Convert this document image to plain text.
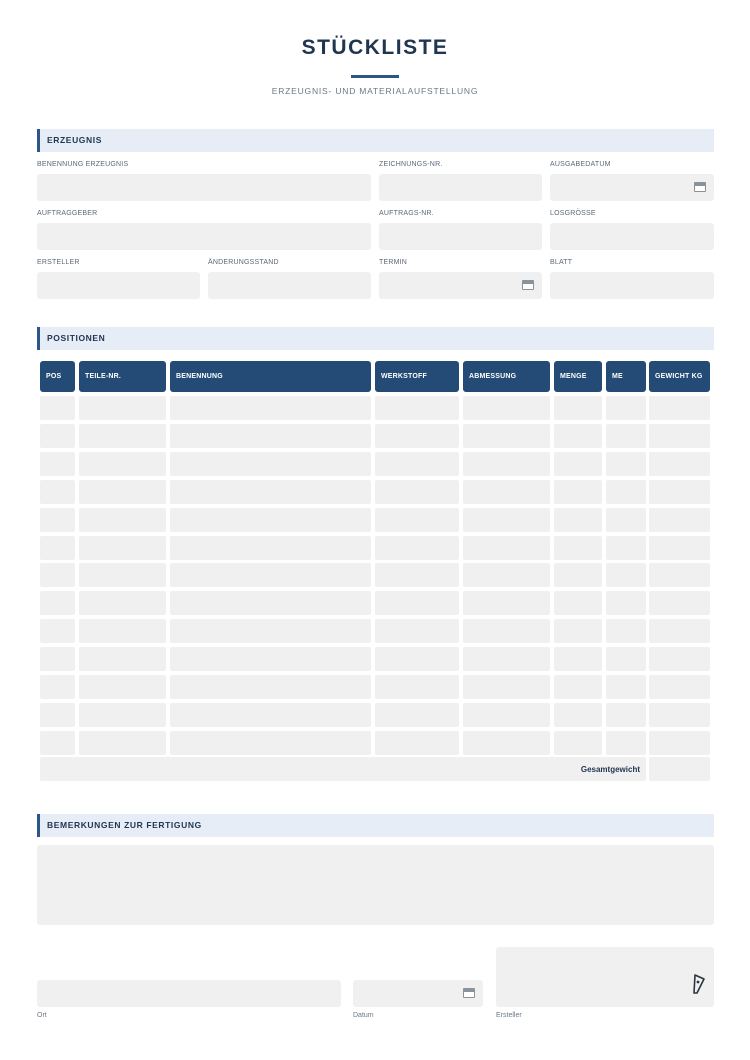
STÜCKLISTE
ERZEUGNIS- UND MATERIALAUFSTELLUNG
ERZEUGNIS
BENENNUNG ERZEUGNIS	ZEICHNUNGS-NR.	AUSGABEDATUM
AUFTRAGGEBER	AUFTRAGS-NR.	LOSGRÖSSE
ERSTELLER	ÄNDERUNGSSTAND	TERMIN	BLATT
POSITIONEN
POS	TEILE-NR.	BENENNUNG	WERKSTOFF	ABMESSUNG	MENGE	ME	GEWICHT KG
Gesamtgewicht
BEMERKUNGEN ZUR FERTIGUNG
Ort	Datum	Ersteller
